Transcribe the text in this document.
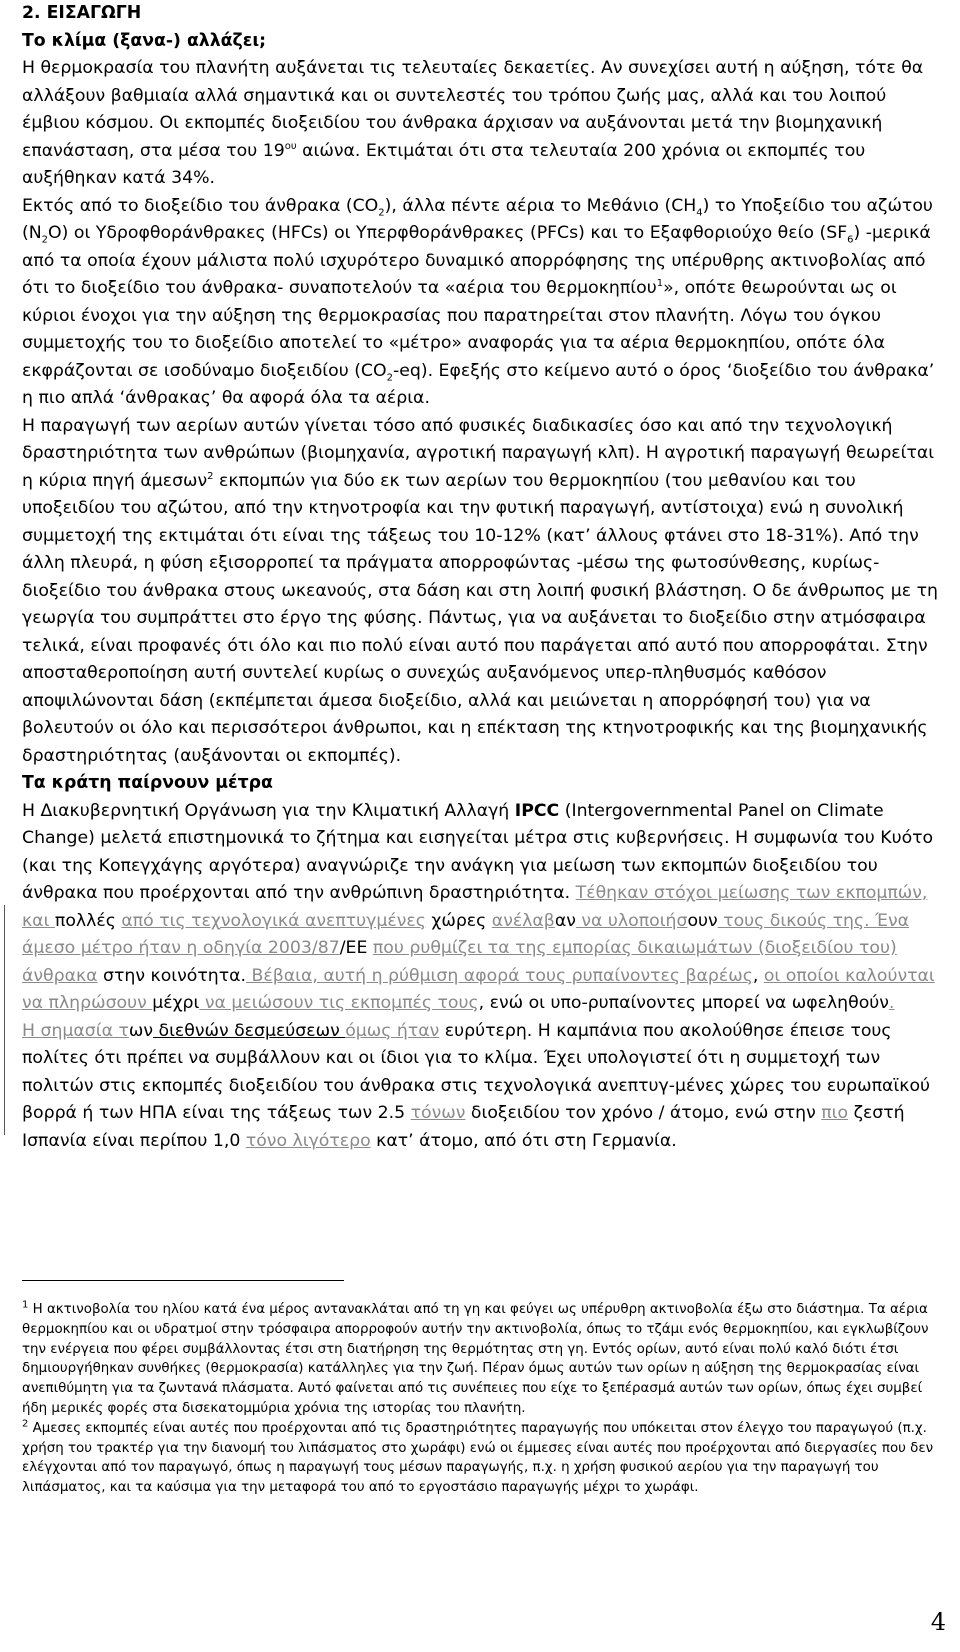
2. ΕΙΣΑΓΩΓΗ

Το κλίμα (ξανα-) αλλάζει;

Η θερμοκρασία του πλανήτη αυξάνεται τις τελευταίες δεκαετίες. Αν συνεχίσει αυτή η αύξηση, τότε θα αλλάξουν βαθμιαία αλλά σημαντικά και οι συντελεστές του τρόπου ζωής μας, αλλά και του λοιπού έμβιου κόσμου. Οι εκπομπές διοξειδίου του άνθρακα άρχισαν να αυξάνονται μετά την βιομηχανική επανάσταση, στα μέσα του $19^{o\upsilon}$ αιώνα. Εκτιμάται ότι στα τελευταία 200 χρόνια οι εκπομπές του αυξήθηκαν κατά 34%.

Εκτός από το διοξείδιο του άνθρακα $(CO_2)$, άλλα πέντε αέρια το Μεθάνιο $(CH_4)$ το Υποξείδιο του αζώτου $(N_2O)$ οι Υδροφθοράνθρακες (HFCs) οι Υπερφθοράνθρακες (PFCs) και το Εξαφθοριούχο θείο $(SF_6)$ -μερικά από τα οποία έχουν μάλιστα πολύ ισχυρότερο δυναμικό απορρόφησης της υπέρυθρης ακτινοβολίας από ότι το διοξείδιο του άνθρακα- συναποτελούν τα «αέρια του θερμοκηπίου$^1$», οπότε θεωρούνται ως οι κύριοι ένοχοι για την αύξηση της θερμοκρασίας που παρατηρείται στον πλανήτη. Λόγω του όγκου συμμετοχής του το διοξείδιο αποτελεί το «μέτρο» αναφοράς για τα αέρια θερμοκηπίου, οπότε όλα εκφράζονται σε ισοδύναμο διοξειδίου $(CO_2-eq)$. Εφεξής στο κείμενο αυτό ο όρος ‘διοξείδιο του άνθρακα’ η πιο απλά ‘άνθρακας’ θα αφορά όλα τα αέρια.

Η παραγωγή των αερίων αυτών γίνεται τόσο από φυσικές διαδικασίες όσο και από την τεχνολογική δραστηριότητα των ανθρώπων (βιομηχανία, αγροτική παραγωγή κλπ). Η αγροτική παραγωγή θεωρείται η κύρια πηγή άμεσων$^2$ εκπομπών για δύο εκ των αερίων του θερμοκηπίου (του μεθανίου και του υποξειδίου του αζώτου, από την κτηνοτροφία και την φυτική παραγωγή, αντίστοιχα) ενώ η συνολική συμμετοχή της εκτιμάται ότι είναι της τάξεως του 10-12% (κατ’ άλλους φτάνει στο 18-31%). Από την άλλη πλευρά, η φύση εξισορροπεί τα πράγματα απορροφώντας -μέσω της φωτοσύνθεσης, κυρίως- διοξείδιο του άνθρακα στους ωκεανούς, στα δάση και στη λοιπή φυσική βλάστηση. Ο δε άνθρωπος με τη γεωργία του συμπράττει στο έργο της φύσης. Πάντως, για να αυξάνεται το διοξείδιο στην ατμόσφαιρα τελικά, είναι προφανές ότι όλο και πιο πολύ είναι αυτό που παράγεται από αυτό που απορροφάται. Στην αποσταθεροποίηση αυτή συντελεί κυρίως ο συνεχώς αυξανόμενος υπερ-πληθυσμός καθόσον αποψιλώνονται δάση (εκπέμπεται άμεσα διοξείδιο, αλλά και μειώνεται η απορρόφησή του) για να βολευτούν οι όλο και περισσότεροι άνθρωποι, και η επέκταση της κτηνοτροφικής και της βιομηχανικής δραστηριότητας (αυξάνονται οι εκπομπές).

Τα κράτη παίρνουν μέτρα

Η Διακυβερνητική Οργάνωση για την Κλιματική Αλλαγή IPCC (Intergovernmental Panel on Climate Change) μελετά επιστημονικά το ζήτημα και εισηγείται μέτρα στις κυβερνήσεις. Η συμφωνία του Κυότο (και της Κοπεγχάγης αργότερα) αναγνώριζε την ανάγκη για μείωση των εκπομπών διοξειδίου του άνθρακα που προέρχονται από την ανθρώπινη δραστηριότητα. Τέθηκαν στόχοι μείωσης των εκπομπών, και πολλές από τις τεχνολογικά ανεπτυγμένες χώρες ανέλαβαν να υλοποιήσουν τους δικούς της. Ένα άμεσο μέτρο ήταν η οδηγία 2003/87/ΕΕ που ρυθμίζει τα της εμπορίας δικαιωμάτων (διοξειδίου του) άνθρακα στην κοινότητα. Βέβαια, αυτή η ρύθμιση αφορά τους ρυπαίνοντες βαρέως, οι οποίοι καλούνται να πληρώσουν μέχρι να μειώσουν τις εκπομπές τους, ενώ οι υπο-ρυπαίνοντες μπορεί να ωφεληθούν.

Η σημασία των διεθνών δεσμεύσεων όμως ήταν ευρύτερη. Η καμπάνια που ακολούθησε έπεισε τους πολίτες ότι πρέπει να συμβάλλουν και οι ίδιοι για το κλίμα. Έχει υπολογιστεί ότι η συμμετοχή των πολιτών στις εκπομπές διοξειδίου του άνθρακα στις τεχνολογικά ανεπτυγ-μένες χώρες του ευρωπαϊκού βορρά ή των ΗΠΑ είναι της τάξεως των 2.5 τόνων διοξειδίου τον χρόνο / άτομο, ενώ στην πιο ζεστή Ισπανία είναι περίπου 1,0 τόνο λιγότερο κατ’ άτομο, από ότι στη Γερμανία.

$^1$ Η ακτινοβολία του ηλίου κατά ένα μέρος αντανακλάται από τη γη και φεύγει ως υπέρυθρη ακτινοβολία έξω στο διάστημα. Τα αέρια θερμοκηπίου και οι υδρατμοί στην τρόσφαιρα απορροφούν αυτήν την ακτινοβολία, όπως το τζάμι ενός θερμοκηπίου, και εγκλωβίζουν την ενέργεια που φέρει συμβάλλοντας έτσι στη διατήρηση της θερμότητας στη γη. Εντός ορίων, αυτό είναι πολύ καλό διότι έτσι δημιουργήθηκαν συνθήκες (θερμοκρασία) κατάλληλες για την ζωή. Πέραν όμως αυτών των ορίων η αύξηση της θερμοκρασίας είναι ανεπιθύμητη για τα ζωντανά πλάσματα. Αυτό φαίνεται από τις συνέπειες που είχε το ξεπέρασμά αυτών των ορίων, όπως έχει συμβεί ήδη μερικές φορές στα δισεκατομμύρια χρόνια της ιστορίας του πλανήτη.

$^2$ Αμεσες εκπομπές είναι αυτές που προέρχονται από τις δραστηριότητες παραγωγής που υπόκειται στον έλεγχο του παραγωγού (π.χ. χρήση του τρακτέρ για την διανομή του λιπάσματος στο χωράφι) ενώ οι έμμεσες είναι αυτές που προέρχονται από διεργασίες που δεν ελέγχονται από τον παραγωγό, όπως η παραγωγή τους μέσων παραγωγής, π.χ. η χρήση φυσικού αερίου για την παραγωγή του λιπάσματος, και τα καύσιμα για την μεταφορά του από το εργοστάσιο παραγωγής μέχρι το χωράφι.

4
